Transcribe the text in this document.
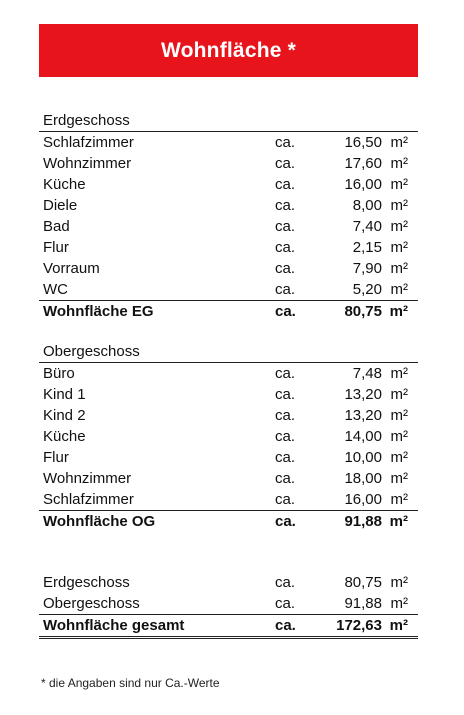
Wohnfläche *
Erdgeschoss
Schlafzimmer	ca.	16,50 m²
Wohnzimmer	ca.	17,60 m²
Küche	ca.	16,00 m²
Diele	ca.	8,00 m²
Bad	ca.	7,40 m²
Flur	ca.	2,15 m²
Vorraum	ca.	7,90 m²
WC	ca.	5,20 m²
Wohnfläche EG	ca.	80,75 m²
Obergeschoss
Büro	ca.	7,48 m²
Kind 1	ca.	13,20 m²
Kind 2	ca.	13,20 m²
Küche	ca.	14,00 m²
Flur	ca.	10,00 m²
Wohnzimmer	ca.	18,00 m²
Schlafzimmer	ca.	16,00 m²
Wohnfläche OG	ca.	91,88 m²
Erdgeschoss	ca.	80,75 m²
Obergeschoss	ca.	91,88 m²
Wohnfläche gesamt	ca.	172,63 m²
* die Angaben sind nur Ca.-Werte
